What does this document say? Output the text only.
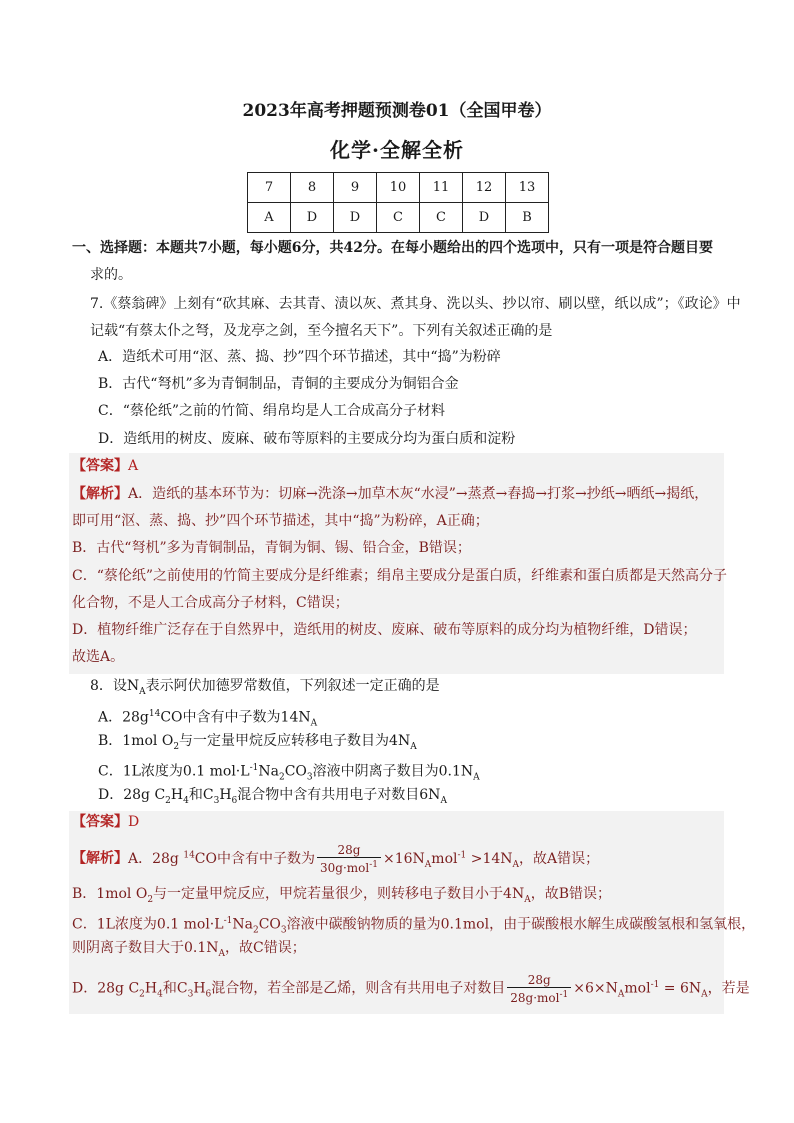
2023年高考押题预测卷01（全国甲卷）
化学·全解全析
7	8	9	10	11	12	13
A	D	D	C	C	D	B
一、选择题：本题共7小题，每小题6分，共42分。在每小题给出的四个选项中，只有一项是符合题目要
求的。
7.《蔡翁碑》上刻有“砍其麻、去其青、渍以灰、煮其身、洗以头、抄以帘、刷以壁，纸以成”；《政论》中
记载“有蔡太仆之弩，及龙亭之剑，至今擅名天下”。下列有关叙述正确的是
A．造纸术可用“沤、蒸、捣、抄”四个环节描述，其中“捣”为粉碎
B．古代“弩机”多为青铜制品，青铜的主要成分为铜铝合金
C．“蔡伦纸”之前的竹简、绢帛均是人工合成高分子材料
D．造纸用的树皮、废麻、破布等原料的主要成分均为蛋白质和淀粉
【答案】A
【解析】A．造纸的基本环节为：切麻→洗涤→加草木灰“水浸”→蒸煮→舂捣→打浆→抄纸→晒纸→揭纸，
即可用“沤、蒸、捣、抄”四个环节描述，其中“捣”为粉碎，A正确；
B．古代“弩机”多为青铜制品，青铜为铜、锡、铅合金，B错误；
C．“蔡伦纸”之前使用的竹简主要成分是纤维素；绢帛主要成分是蛋白质，纤维素和蛋白质都是天然高分子
化合物，不是人工合成高分子材料，C错误；
D．植物纤维广泛存在于自然界中，造纸用的树皮、废麻、破布等原料的成分均为植物纤维，D错误；
故选A。
8．设$N_A$表示阿伏加德罗常数值，下列叙述一定正确的是
A．$28g^{14}CO$中含有中子数为$14N_A$
B．1mol $O_2$与一定量甲烷反应转移电子数目为$4N_A$
C．1L浓度为0.1 $mol\cdot L^{-1}Na_2CO_3$溶液中阴离子数目为$0.1N_A$
D．28g $C_2H_4$和$C_3H_6$混合物中含有共用电子对数目$6N_A$
【答案】D
【解析】A．28g $^{14}$CO中含有中子数为 $\frac{28g}{30g\cdot mol^{-1}} \times 16N_Amol^{-1} >14N_A$，故A错误；
B．1mol $O_2$与一定量甲烷反应，甲烷若量很少，则转移电子数目小于$4N_A$，故B错误；
C．1L浓度为0.1 $mol\cdot L^{-1}Na_2CO_3$溶液中碳酸钠物质的量为0.1mol，由于碳酸根水解生成碳酸氢根和氢氧根，
则阴离子数目大于$0.1N_A$，故C错误；
D．28g $C_2H_4$和$C_3H_6$混合物，若全部是乙烯，则含有共用电子对数目 $\frac{28g}{28g\cdot mol^{-1}} \times 6\times N_Amol^{-1} = 6N_A$，若是
